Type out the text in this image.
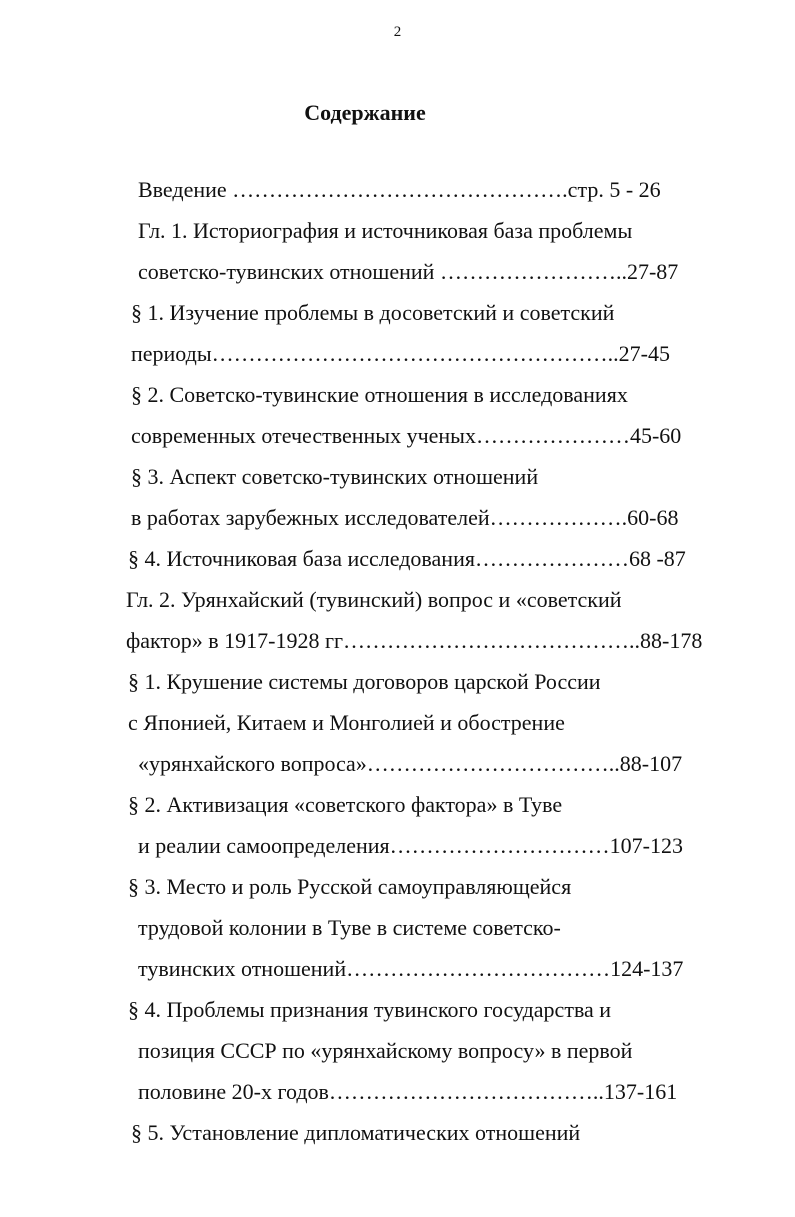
2
Содержание
Введение ……………………………………….стр. 5 - 26
Гл. 1. Историография и источниковая база проблемы
советско-тувинских отношений ……………………..27-87
§ 1. Изучение проблемы в досоветский и советский
периоды………………………………………………..27-45
§ 2. Советско-тувинские отношения в исследованиях
современных отечественных ученых…………………45-60
§ 3. Аспект советско-тувинских отношений
в работах зарубежных исследователей……………….60-68
§ 4. Источниковая база исследования…………………68 -87
Гл. 2. Урянхайский (тувинский) вопрос и «советский
фактор» в 1917-1928 гг…………………………………..88-178
§ 1. Крушение системы договоров царской России
с Японией, Китаем и Монголией и обострение
«урянхайского вопроса»……………………………..88-107
§ 2. Активизация «советского фактора» в Туве
и реалии самоопределения…………………………107-123
§ 3. Место и роль Русской самоуправляющейся
трудовой колонии в Туве в системе советско-
тувинских отношений………………………………124-137
§ 4. Проблемы признания тувинского государства и
позиция СССР по «урянхайскому вопросу» в первой
половине 20-х годов………………………………..137-161
§ 5. Установление дипломатических отношений
